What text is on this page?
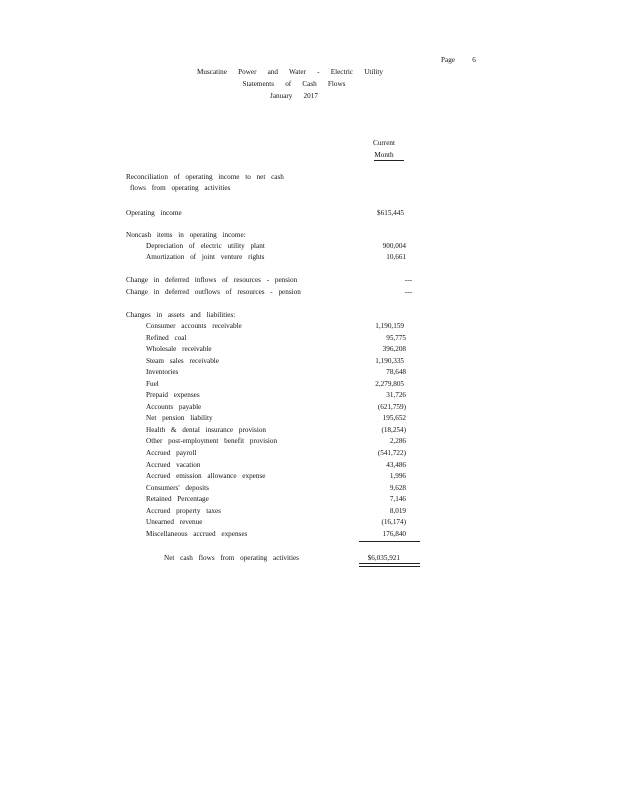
Page 6
Muscatine Power and Water - Electric Utility
Statements of Cash Flows
January 2017
Current
Month
Reconciliation of operating income to net cash
flows from operating activities
Operating income	$615,445
Noncash items in operating income:
Depreciation of electric utility plant	900,004
Amortization of joint venture rights	10,661
Change in deferred inflows of resources - pension	---
Change in deferred outflows of resources - pension	---
Changes in assets and liabilities:
Consumer accounts receivable	1,190,159
Refined coal	95,775
Wholesale receivable	396,208
Steam sales receivable	1,190,335
Inventories	78,648
Fuel	2,279,805
Prepaid expenses	31,726
Accounts payable	(621,759)
Net pension liability	195,652
Health & dental insurance provision	(18,254)
Other post-employment benefit provision	2,286
Accrued payroll	(541,722)
Accrued vacation	43,486
Accrued emission allowance expense	1,996
Consumers' deposits	9,628
Retained Percentage	7,146
Accrued property taxes	8,019
Unearned revenue	(16,174)
Miscellaneous accrued expenses	176,840
Net cash flows from operating activities	$6,035,921
